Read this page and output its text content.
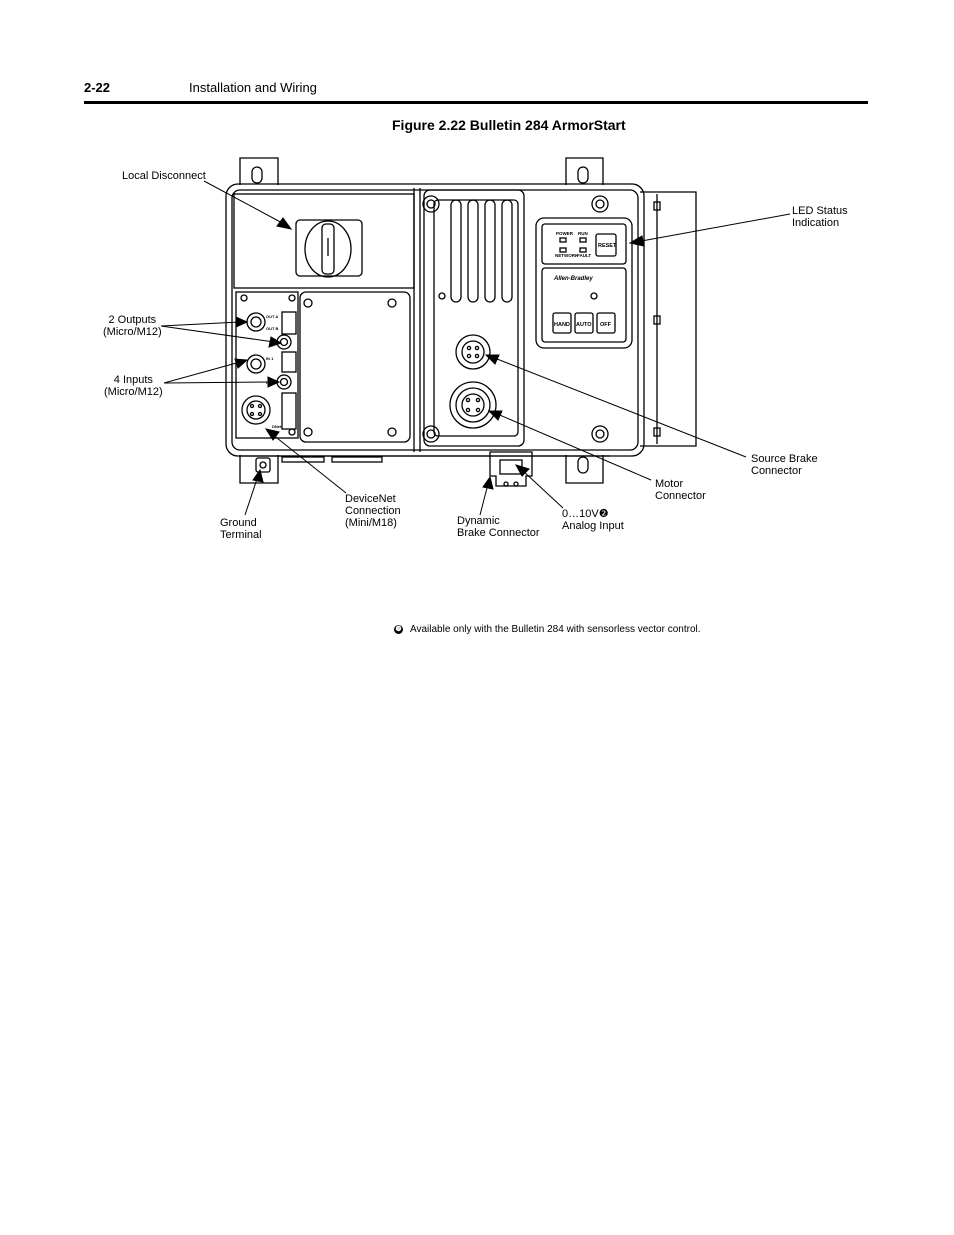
2-22	Installation and Wiring
Figure 2.22 Bulletin 284 ArmorStart
POWER RUN
NETWORK
FAULT
RESET
Allen-Bradley
HAND AUTO OFF
OUT A
OUT B
IN 1
DNet
Local Disconnect
LED Status
Indication
2 Outputs
(Micro/M12)
4 Inputs
(Micro/M12)
Source Brake
Connector
Motor
Connector
DeviceNet
Connection
(Mini/M18)
Ground
Terminal
Dynamic
Brake Connector
0…10V❷
Analog Input
❷ Available only with the Bulletin 284 with sensorless vector control.
